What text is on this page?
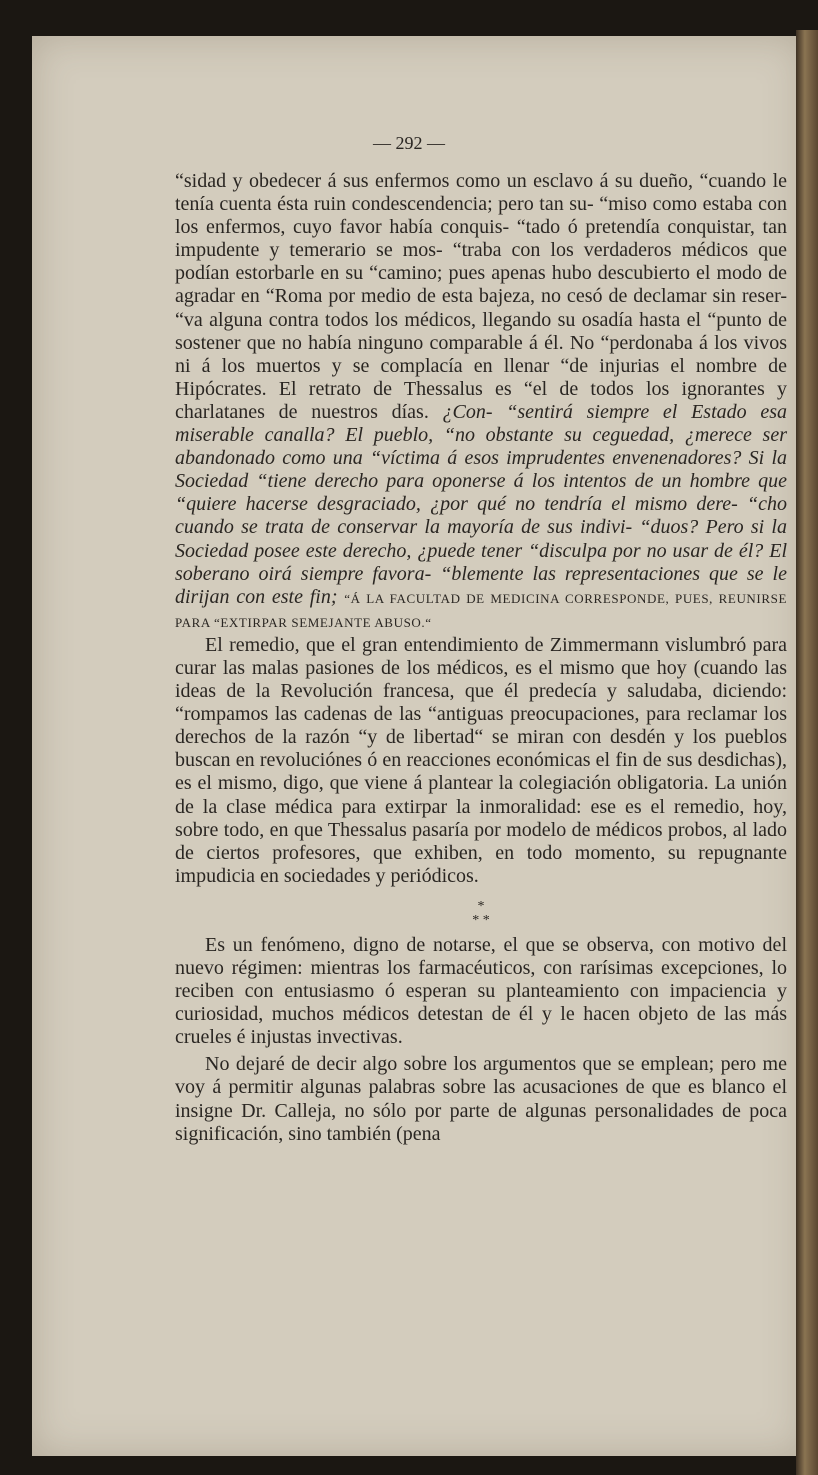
— 292 —

“sidad y obedecer á sus enfermos como un esclavo á su dueño, “cuando le tenía cuenta ésta ruin condescendencia; pero tan su- “miso como estaba con los enfermos, cuyo favor había conquis- “tado ó pretendía conquistar, tan impudente y temerario se mos- “traba con los verdaderos médicos que podían estorbarle en su “camino; pues apenas hubo descubierto el modo de agradar en “Roma por medio de esta bajeza, no cesó de declamar sin reser- “va alguna contra todos los médicos, llegando su osadía hasta el “punto de sostener que no había ninguno comparable á él. No “perdonaba á los vivos ni á los muertos y se complacía en llenar “de injurias el nombre de Hipócrates. El retrato de Thessalus es “el de todos los ignorantes y charlatanes de nuestros días. ¿Con- “sentirá siempre el Estado esa miserable canalla? El pueblo, “no obstante su ceguedad, ¿merece ser abandonado como una “víctima á esos imprudentes envenenadores? Si la Sociedad “tiene derecho para oponerse á los intentos de un hombre que “quiere hacerse desgraciado, ¿por qué no tendría el mismo dere- “cho cuando se trata de conservar la mayoría de sus indivi- “duos? Pero si la Sociedad posee este derecho, ¿puede tener “disculpa por no usar de él? El soberano oirá siempre favora- “blemente las representaciones que se le dirijan con este fin; “Á LA FACULTAD DE MEDICINA CORRESPONDE, PUES, REUNIRSE PARA “EXTIRPAR SEMEJANTE ABUSO.“

El remedio, que el gran entendimiento de Zimmermann vislumbró para curar las malas pasiones de los médicos, es el mismo que hoy (cuando las ideas de la Revolución francesa, que él predecía y saludaba, diciendo: “rompamos las cadenas de las “antiguas preocupaciones, para reclamar los derechos de la razón “y de libertad“ se miran con desdén y los pueblos buscan en revoluciónes ó en reacciones económicas el fin de sus desdichas), es el mismo, digo, que viene á plantear la colegiación obligatoria. La unión de la clase médica para extirpar la inmoralidad: ese es el remedio, hoy, sobre todo, en que Thessalus pasaría por modelo de médicos probos, al lado de ciertos profesores, que exhiben, en todo momento, su repugnante impudicia en sociedades y periódicos.

*
* *

Es un fenómeno, digno de notarse, el que se observa, con motivo del nuevo régimen: mientras los farmacéuticos, con rarísimas excepciones, lo reciben con entusiasmo ó esperan su planteamiento con impaciencia y curiosidad, muchos médicos detestan de él y le hacen objeto de las más crueles é injustas invectivas.

No dejaré de decir algo sobre los argumentos que se emplean; pero me voy á permitir algunas palabras sobre las acusaciones de que es blanco el insigne Dr. Calleja, no sólo por parte de algunas personalidades de poca significación, sino también (pena
